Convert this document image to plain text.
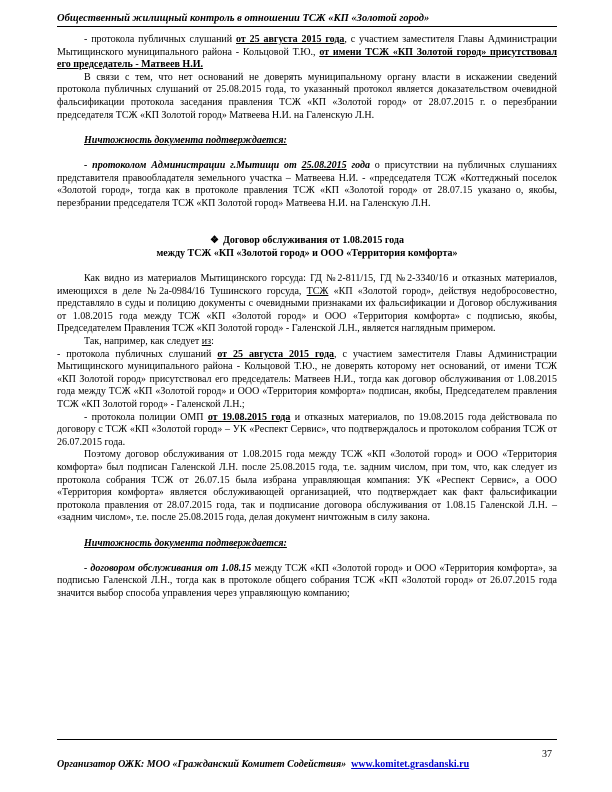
Общественный жилищный контроль в отношении ТСЖ «КП «Золотой город»

- протокола публичных слушаний от 25 августа 2015 года, с участием заместителя Главы Администрации Мытищинского муниципального района - Кольцовой Т.Ю., от имени ТСЖ «КП Золотой город» присутствовал его председатель - Матвеев Н.И.

В связи с тем, что нет оснований не доверять муниципальному органу власти в искажении сведений протокола публичных слушаний от 25.08.2015 года, то указанный протокол является доказательством очевидной фальсификации протокола заседания правления ТСЖ «КП «Золотой город» от 28.07.2015 г. о перезбрании председателя ТСЖ «КП Золотой город» Матвеева Н.И. на Галенскую Л.Н.

Ничтожность документа подтверждается:

- протоколом Администрации г.Мытищи от 25.08.2015 года о присутствии на публичных слушаниях представителя правообладателя земельного участка – Матвеева Н.И. - «председателя ТСЖ «Коттеджный поселок «Золотой город», тогда как в протоколе правления ТСЖ «КП «Золотой город» от 28.07.15 указано о, якобы, перезбрании председателя ТСЖ «КП Золотой город» Матвеева Н.И. на Галенскую Л.Н.

❖ Договор обслуживания от 1.08.2015 года

между ТСЖ «КП «Золотой город» и ООО «Территория комфорта»

Как видно из материалов Мытищинского горсуда: ГД №2-811/15, ГД №2-3340/16 и отказных материалов, имеющихся в деле №2а-0984/16 Тушинского горсуда, ТСЖ «КП «Золотой город», действуя недобросовестно, представляло в суды и полицию документы с очевидными признаками их фальсификации и Договор обслуживания от 1.08.2015 года между ТСЖ «КП «Золотой город» и ООО «Территория комфорта» с подписью, якобы, Председателем Правления ТСЖ «КП Золотой город» - Галенской Л.Н., является наглядным примером.

Так, например, как следует из:

- протокола публичных слушаний от 25 августа 2015 года, с участием заместителя Главы Администрации Мытищинского муниципального района - Кольцовой Т.Ю., не доверять которому нет оснований, от имени ТСЖ «КП Золотой город» присутствовал его председатель: Матвеев Н.И., тогда как договор обслуживания от 1.08.2015 года между ТСЖ «КП «Золотой город» и ООО «Территория комфорта» подписан, якобы, Председателем правления ТСЖ «КП Золотой город» - Галенской Л.Н.;

- протокола полиции ОМП от 19.08.2015 года и отказных материалов, по 19.08.2015 года действовала по договору с ТСЖ «КП «Золотой город» – УК «Респект Сервис», что подтверждалось и протоколом собрания ТСЖ от 26.07.2015 года.

Поэтому договор обслуживания от 1.08.2015 года между ТСЖ «КП «Золотой город» и ООО «Территория комфорта» был подписан Галенской Л.Н. после 25.08.2015 года, т.е. задним числом, при том, что, как следует из протокола собрания ТСЖ от 26.07.15 была избрана управляющая компания: УК «Респект Сервис», а ООО «Территория комфорта» является обслуживающей организацией, что подтверждает как факт фальсификации протокола правления от 28.07.2015 года, так и подписание договора обслуживания от 1.08.15 Галенской Л.Н. – «задним числом», т.е. после 25.08.2015 года, делая документ ничтожным в силу закона.

Ничтожность документа подтверждается:

- договором обслуживания от 1.08.15 между ТСЖ «КП «Золотой город» и ООО «Территория комфорта», за подписью Галенской Л.Н., тогда как в протоколе общего собрания ТСЖ «КП «Золотой город» от 26.07.2015 года значится выбор способа управления через управляющую компанию;

37
Организатор ОЖК: МОО «Гражданский Комитет Содействия» www.komitet.grasdanski.ru
